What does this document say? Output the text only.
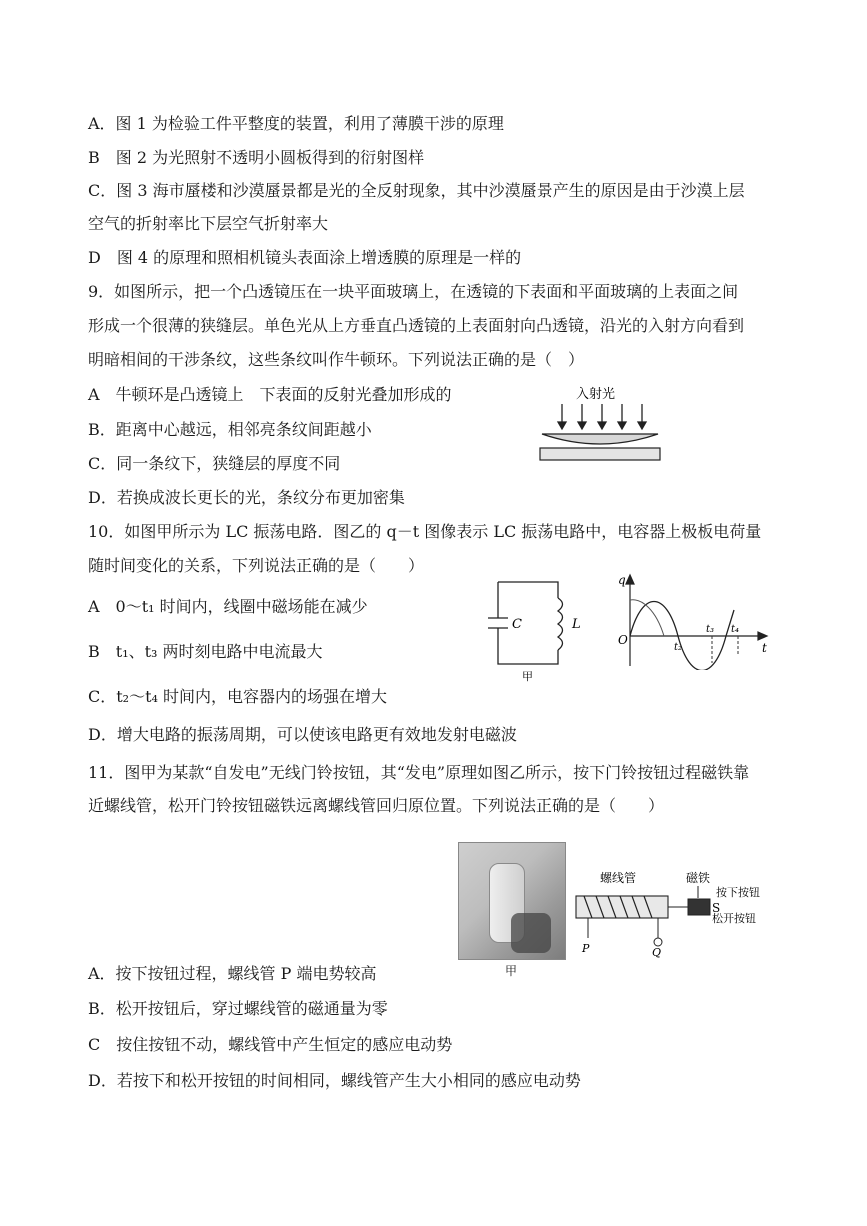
A．图 1 为检验工件平整度的装置，利用了薄膜干涉的原理
B　图 2 为光照射不透明小圆板得到的衍射图样
C．图 3 海市蜃楼和沙漠蜃景都是光的全反射现象，其中沙漠蜃景产生的原因是由于沙漠上层
空气的折射率比下层空气折射率大
D　图 4 的原理和照相机镜头表面涂上增透膜的原理是一样的
9．如图所示，把一个凸透镜压在一块平面玻璃上，在透镜的下表面和平面玻璃的上表面之间
形成一个很薄的狭缝层。单色光从上方垂直凸透镜的上表面射向凸透镜，沿光的入射方向看到
明暗相间的干涉条纹，这些条纹叫作牛顿环。下列说法正确的是（　）
A　牛顿环是凸透镜上　下表面的反射光叠加形成的
B．距离中心越远，相邻亮条纹间距越小
C．同一条纹下，狭缝层的厚度不同
D．若换成波长更长的光，条纹分布更加密集
入射光
10．如图甲所示为 LC 振荡电路．图乙的 q－t 图像表示 LC 振荡电路中，电容器上极板电荷量
随时间变化的关系，下列说法正确的是（　　）
A　0～t₁ 时间内，线圈中磁场能在减少
B　t₁、t₃ 两时刻电路中电流最大
C．t₂～t₄ 时间内，电容器内的场强在增大
D．增大电路的振荡周期，可以使该电路更有效地发射电磁波
C	L
甲
q
O
t
t₃ t₄
t₂
11．图甲为某款“自发电”无线门铃按钮，其“发电”原理如图乙所示，按下门铃按钮过程磁铁靠
近螺线管，松开门铃按钮磁铁远离螺线管回归原位置。下列说法正确的是（　　）
A．按下按钮过程，螺线管 P 端电势较高
B．松开按钮后，穿过螺线管的磁通量为零
C　按住按钮不动，螺线管中产生恒定的感应电动势
D．若按下和松开按钮的时间相同，螺线管产生大小相同的感应电动势
甲
螺线管	磁铁
S
按下按钮
松开按钮
P	Q
